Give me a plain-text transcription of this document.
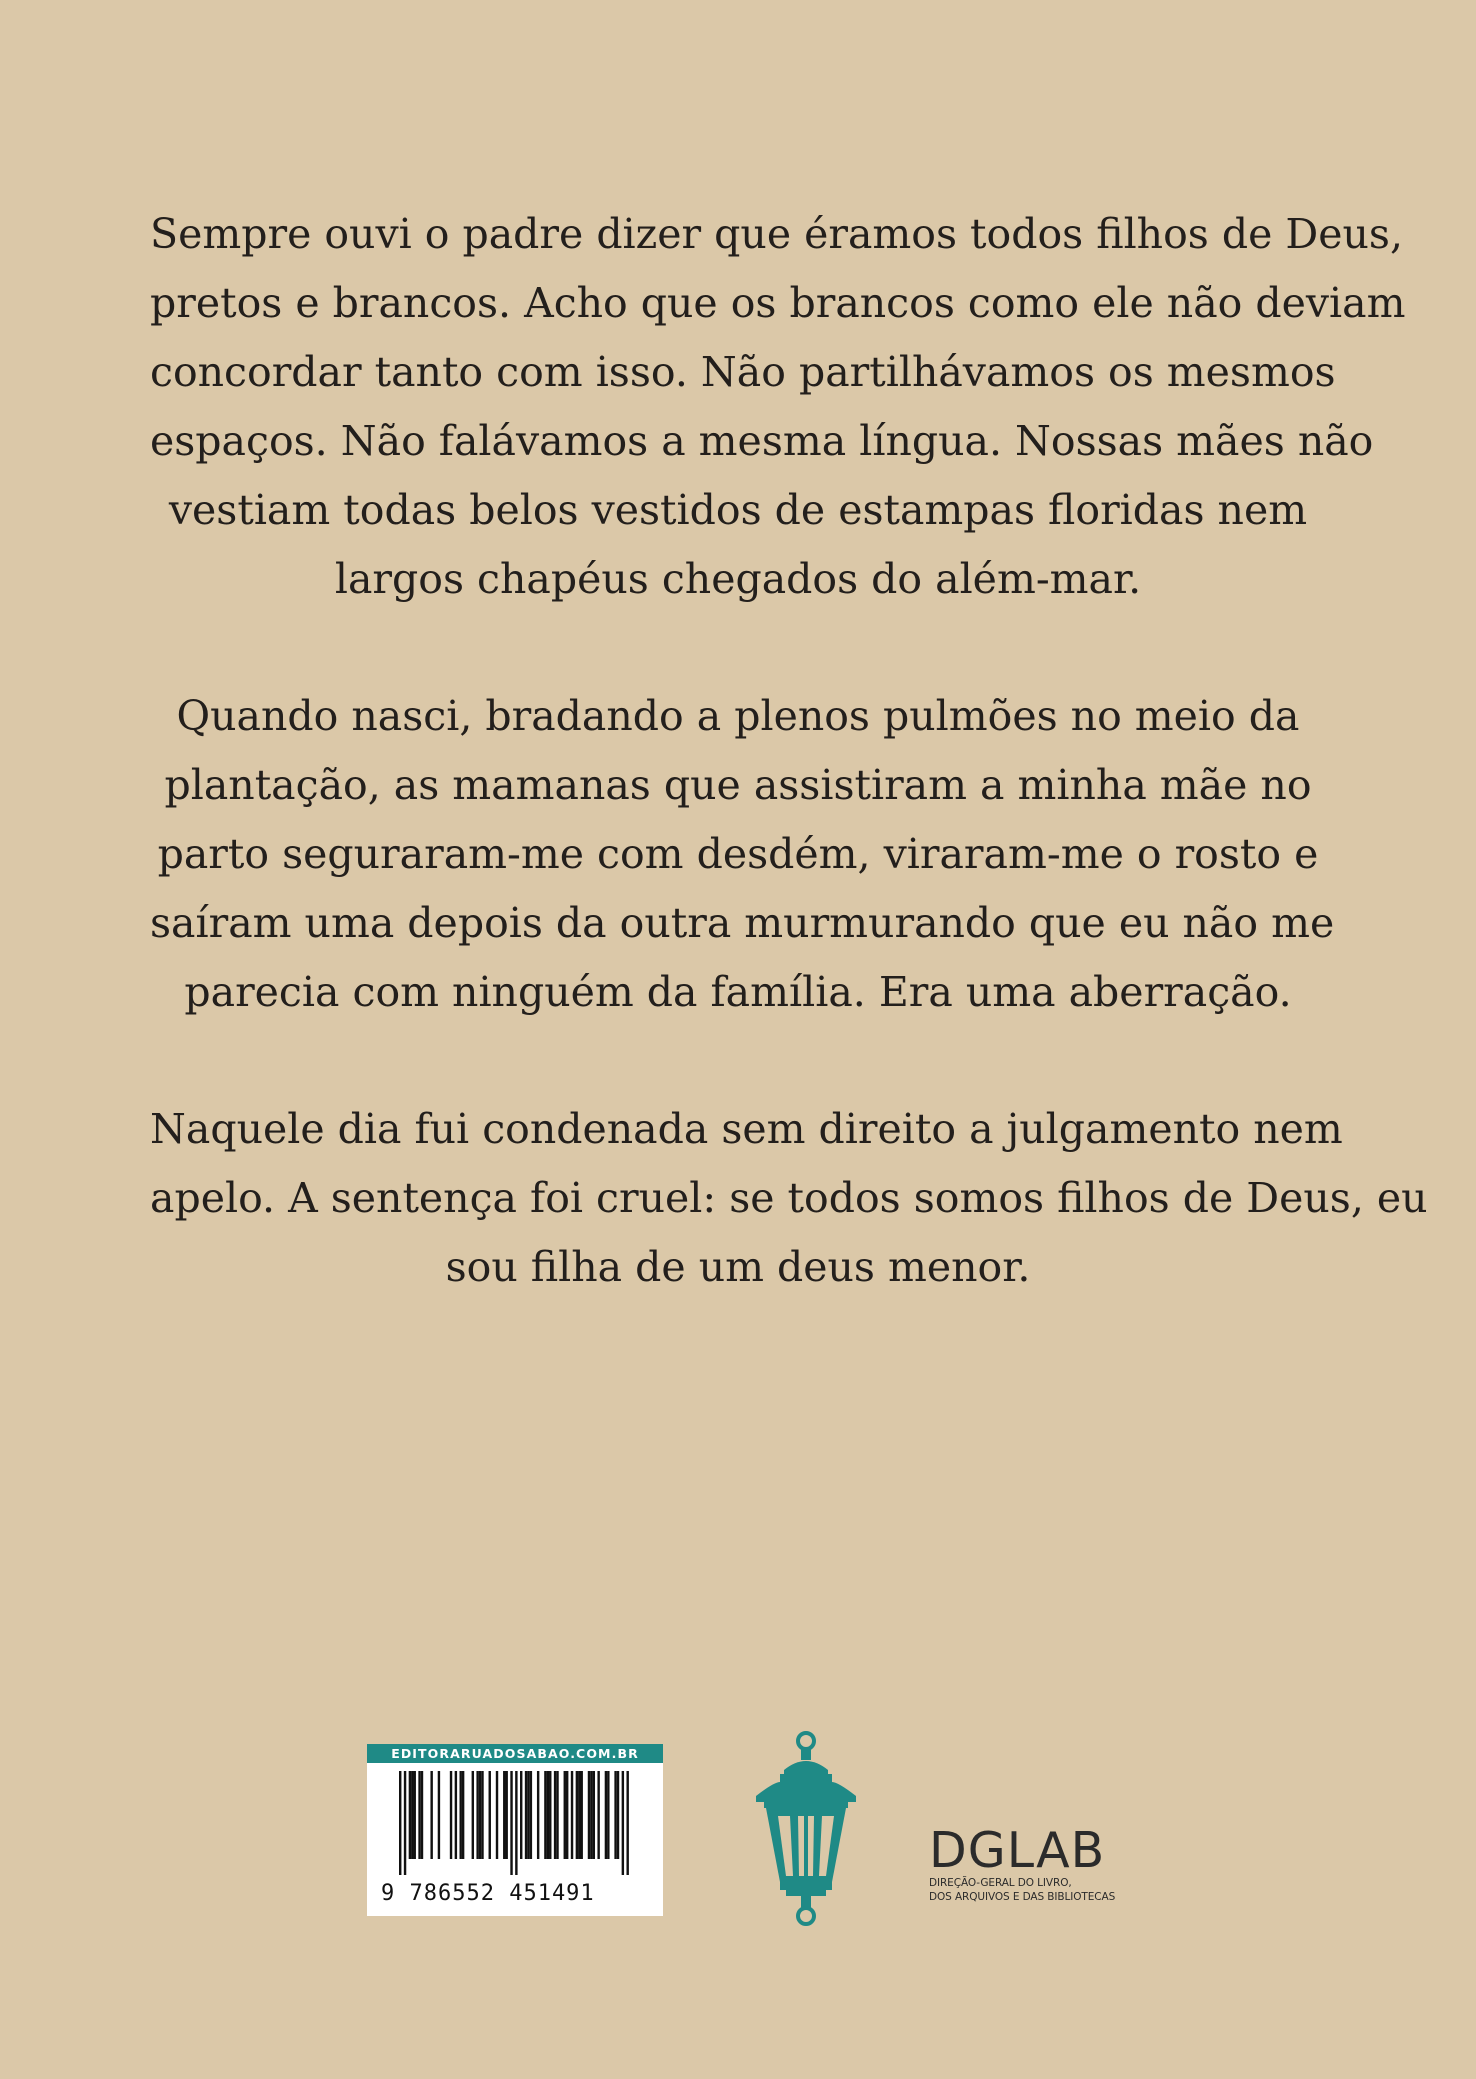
Sempre ouvi o padre dizer que éramos todos filhos de Deus,
pretos e brancos. Acho que os brancos como ele não deviam
concordar tanto com isso. Não partilhávamos os mesmos
espaços. Não falávamos a mesma língua. Nossas mães não
vestiam todas belos vestidos de estampas floridas nem
largos chapéus chegados do além-mar.

Quando nasci, bradando a plenos pulmões no meio da
plantação, as mamanas que assistiram a minha mãe no
parto seguraram-me com desdém, viraram-me o rosto e
saíram uma depois da outra murmurando que eu não me
parecia com ninguém da família. Era uma aberração.

Naquele dia fui condenada sem direito a julgamento nem
apelo. A sentença foi cruel: se todos somos filhos de Deus, eu
sou filha de um deus menor.

EDITORARUADOSABAO.COM.BR
9 786552 451491
DGLAB
DIREÇÃO-GERAL DO LIVRO,
DOS ARQUIVOS E DAS BIBLIOTECAS
